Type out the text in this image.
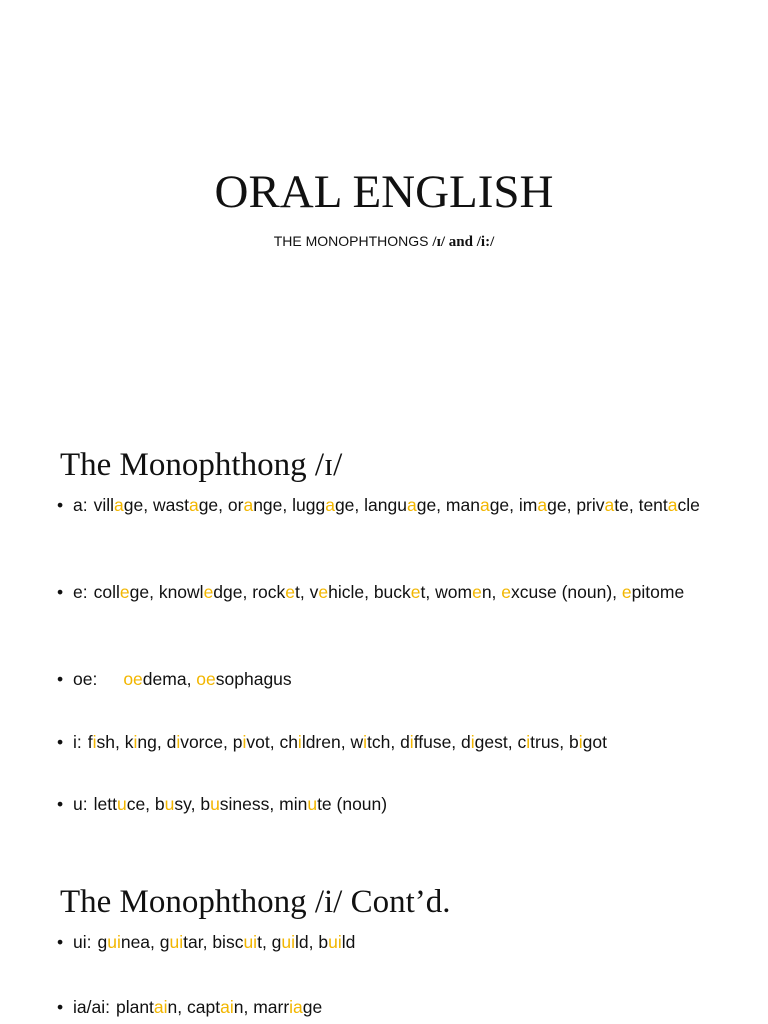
ORAL ENGLISH
THE MONOPHTHONGS /ɪ/ and /i:/
The Monophthong /ɪ/
• a: village, wastage, orange, luggage, language, manage, image, private, tentacle
• e: college, knowledge, rocket, vehicle, bucket, women, excuse (noun), epitome
• oe: oedema, oesophagus
• i: fish, king, divorce, pivot, children, witch, diffuse, digest, citrus, bigot
• u: lettuce, busy, business, minute (noun)
The Monophthong /i/ Cont’d.
• ui: guinea, guitar, biscuit, guild, build
• ia/ai: plantain, captain, marriage
